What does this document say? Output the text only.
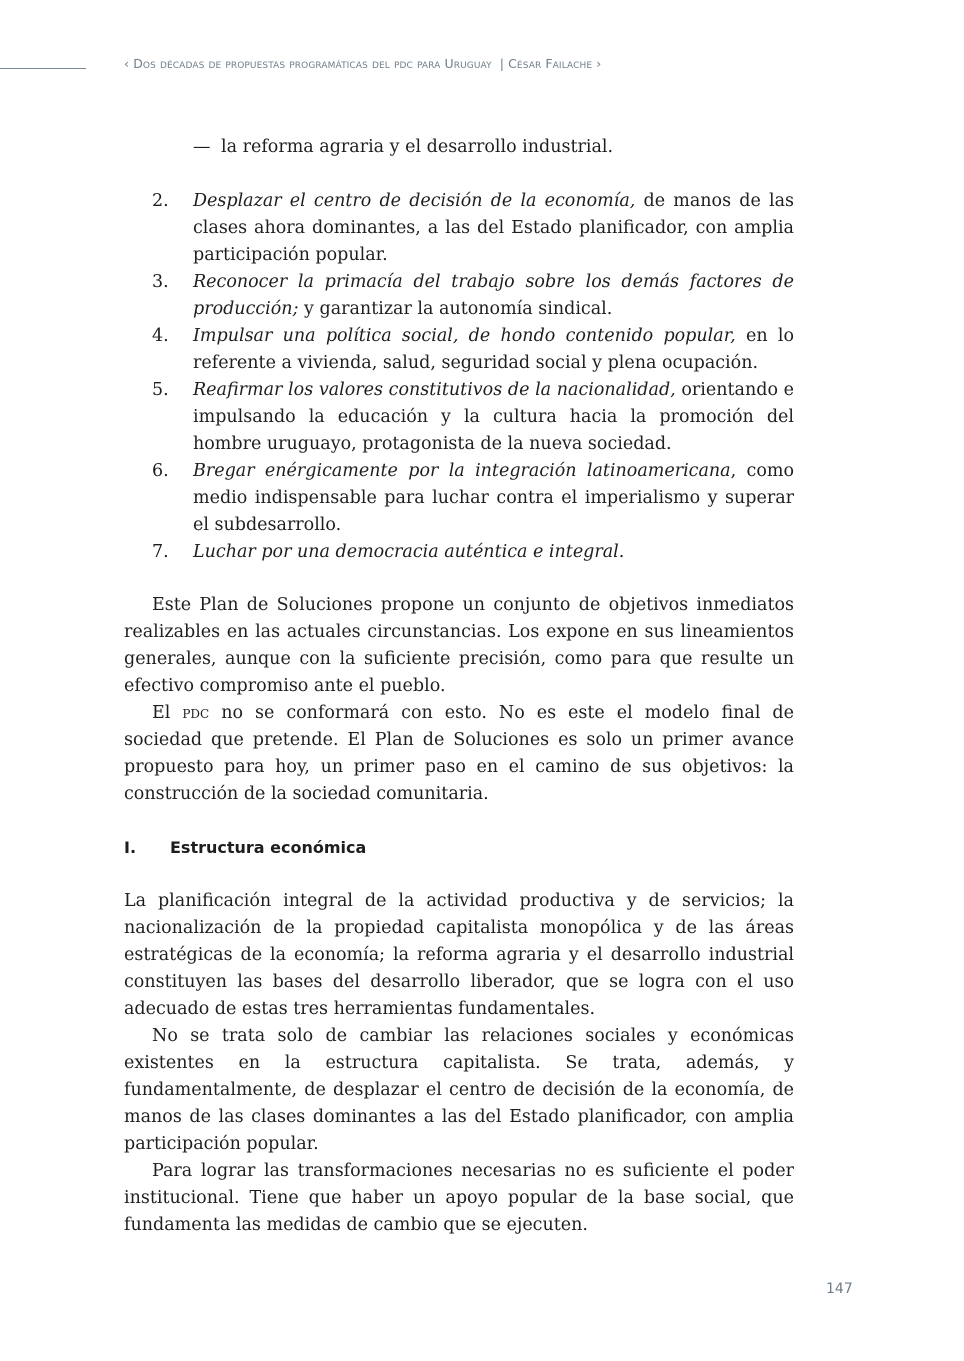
‹ Dos décadas de propuestas programáticas del pdc para Uruguay | César Failache ›
— la reforma agraria y el desarrollo industrial.
2. Desplazar el centro de decisión de la economía, de manos de las clases ahora dominantes, a las del Estado planificador, con amplia participación popular.
3. Reconocer la primacía del trabajo sobre los demás factores de producción; y garantizar la autonomía sindical.
4. Impulsar una política social, de hondo contenido popular, en lo referente a vivienda, salud, seguridad social y plena ocupación.
5. Reafirmar los valores constitutivos de la nacionalidad, orientando e impulsando la educación y la cultura hacia la promoción del hombre uruguayo, protagonista de la nueva sociedad.
6. Bregar enérgicamente por la integración latinoamericana, como medio indispensable para luchar contra el imperialismo y superar el subdesarrollo.
7. Luchar por una democracia auténtica e integral.

Este Plan de Soluciones propone un conjunto de objetivos inmediatos realizables en las actuales circunstancias. Los expone en sus lineamientos generales, aunque con la suficiente precisión, como para que resulte un efectivo compromiso ante el pueblo.

El pdc no se conformará con esto. No es este el modelo final de sociedad que pretende. El Plan de Soluciones es solo un primer avance propuesto para hoy, un primer paso en el camino de sus objetivos: la construcción de la sociedad comunitaria.

I. Estructura económica

La planificación integral de la actividad productiva y de servicios; la nacionalización de la propiedad capitalista monopólica y de las áreas estratégicas de la economía; la reforma agraria y el desarrollo industrial constituyen las bases del desarrollo liberador, que se logra con el uso adecuado de estas tres herramientas fundamentales.

No se trata solo de cambiar las relaciones sociales y económicas existentes en la estructura capitalista. Se trata, además, y fundamentalmente, de desplazar el centro de decisión de la economía, de manos de las clases dominantes a las del Estado planificador, con amplia participación popular.

Para lograr las transformaciones necesarias no es suficiente el poder institucional. Tiene que haber un apoyo popular de la base social, que fundamenta las medidas de cambio que se ejecuten.

147
